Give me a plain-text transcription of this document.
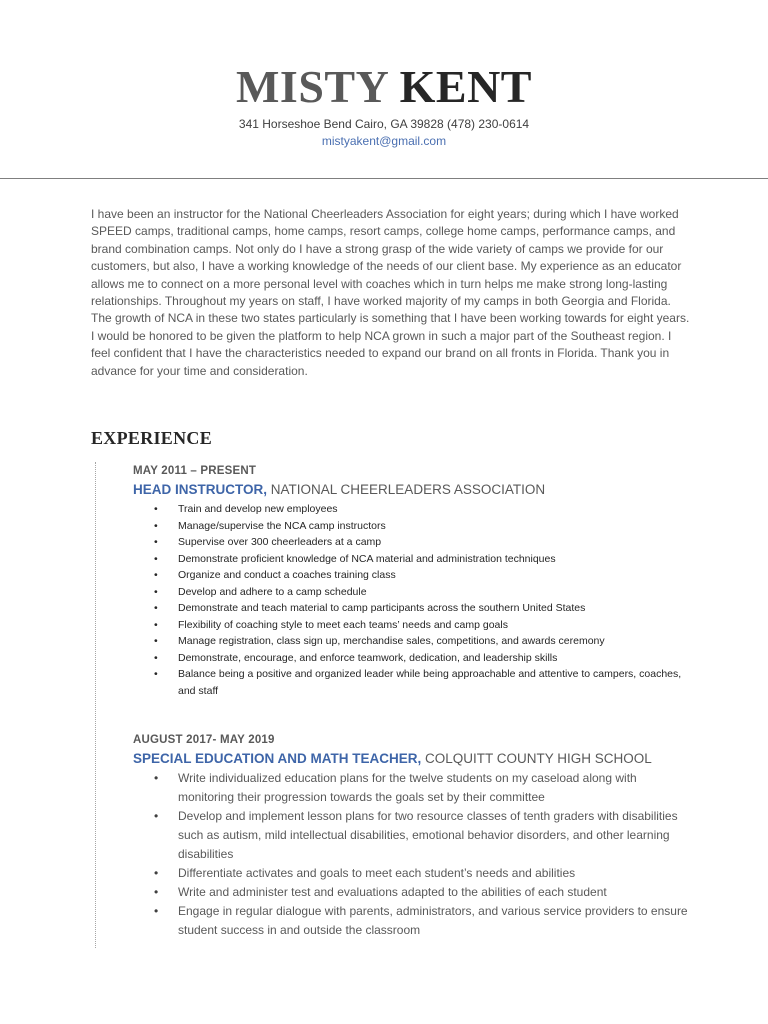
MISTY KENT
341 Horseshoe Bend Cairo, GA 39828 (478) 230-0614
mistyakent@gmail.com
I have been an instructor for the National Cheerleaders Association for eight years; during which I have worked SPEED camps, traditional camps, home camps, resort camps, college home camps, performance camps, and brand combination camps. Not only do I have a strong grasp of the wide variety of camps we provide for our customers, but also, I have a working knowledge of the needs of our client base. My experience as an educator allows me to connect on a more personal level with coaches which in turn helps me make strong long-lasting relationships. Throughout my years on staff, I have worked majority of my camps in both Georgia and Florida. The growth of NCA in these two states particularly is something that I have been working towards for eight years. I would be honored to be given the platform to help NCA grown in such a major part of the Southeast region. I feel confident that I have the characteristics needed to expand our brand on all fronts in Florida. Thank you in advance for your time and consideration.
EXPERIENCE
MAY 2011 – PRESENT
HEAD INSTRUCTOR, NATIONAL CHEERLEADERS ASSOCIATION
• Train and develop new employees
• Manage/supervise the NCA camp instructors
• Supervise over 300 cheerleaders at a camp
• Demonstrate proficient knowledge of NCA material and administration techniques
• Organize and conduct a coaches training class
• Develop and adhere to a camp schedule
• Demonstrate and teach material to camp participants across the southern United States
• Flexibility of coaching style to meet each teams’ needs and camp goals
• Manage registration, class sign up, merchandise sales, competitions, and awards ceremony
• Demonstrate, encourage, and enforce teamwork, dedication, and leadership skills
• Balance being a positive and organized leader while being approachable and attentive to campers, coaches, and staff
AUGUST 2017- MAY 2019
SPECIAL EDUCATION AND MATH TEACHER, COLQUITT COUNTY HIGH SCHOOL
• Write individualized education plans for the twelve students on my caseload along with monitoring their progression towards the goals set by their committee
• Develop and implement lesson plans for two resource classes of tenth graders with disabilities such as autism, mild intellectual disabilities, emotional behavior disorders, and other learning disabilities
• Differentiate activates and goals to meet each student’s needs and abilities
• Write and administer test and evaluations adapted to the abilities of each student
• Engage in regular dialogue with parents, administrators, and various service providers to ensure student success in and outside the classroom
